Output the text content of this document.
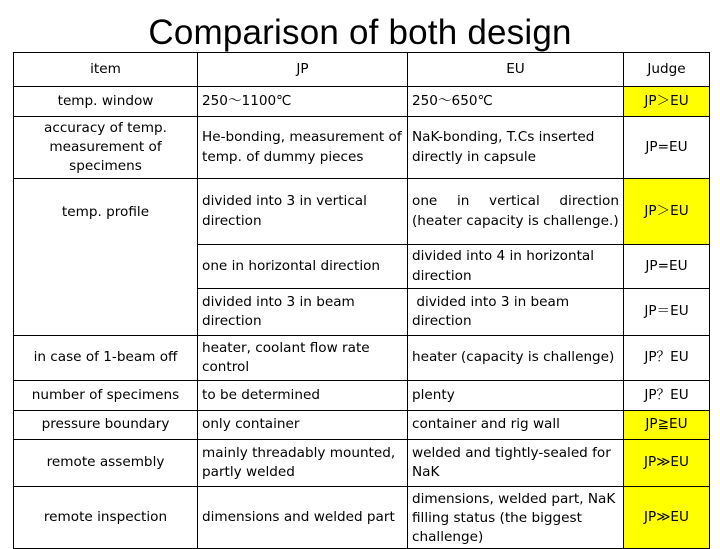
Comparison of both design
item	JP	EU	Judge
temp. window	250～1100℃	250～650℃	JP＞EU
accuracy of temp. measurement of specimens	He-bonding, measurement of temp. of dummy pieces	NaK-bonding, T.Cs inserted directly in capsule	JP=EU
temp. profile	divided into 3 in vertical direction	one in vertical direction (heater capacity is challenge.)	JP＞EU
	one in horizontal direction	divided into 4 in horizontal direction	JP=EU
	divided into 3 in beam direction	divided into 3 in beam direction	JP＝EU
in case of 1-beam off	heater, coolant flow rate control	heater (capacity is challenge)	JP？EU
number of specimens	to be determined	plenty	JP？EU
pressure boundary	only container	container and rig wall	JP≧EU
remote assembly	mainly threadably mounted, partly welded	welded and tightly-sealed for NaK	JP≫EU
remote inspection	dimensions and welded part	dimensions, welded part, NaK filling status (the biggest challenge)	JP≫EU
